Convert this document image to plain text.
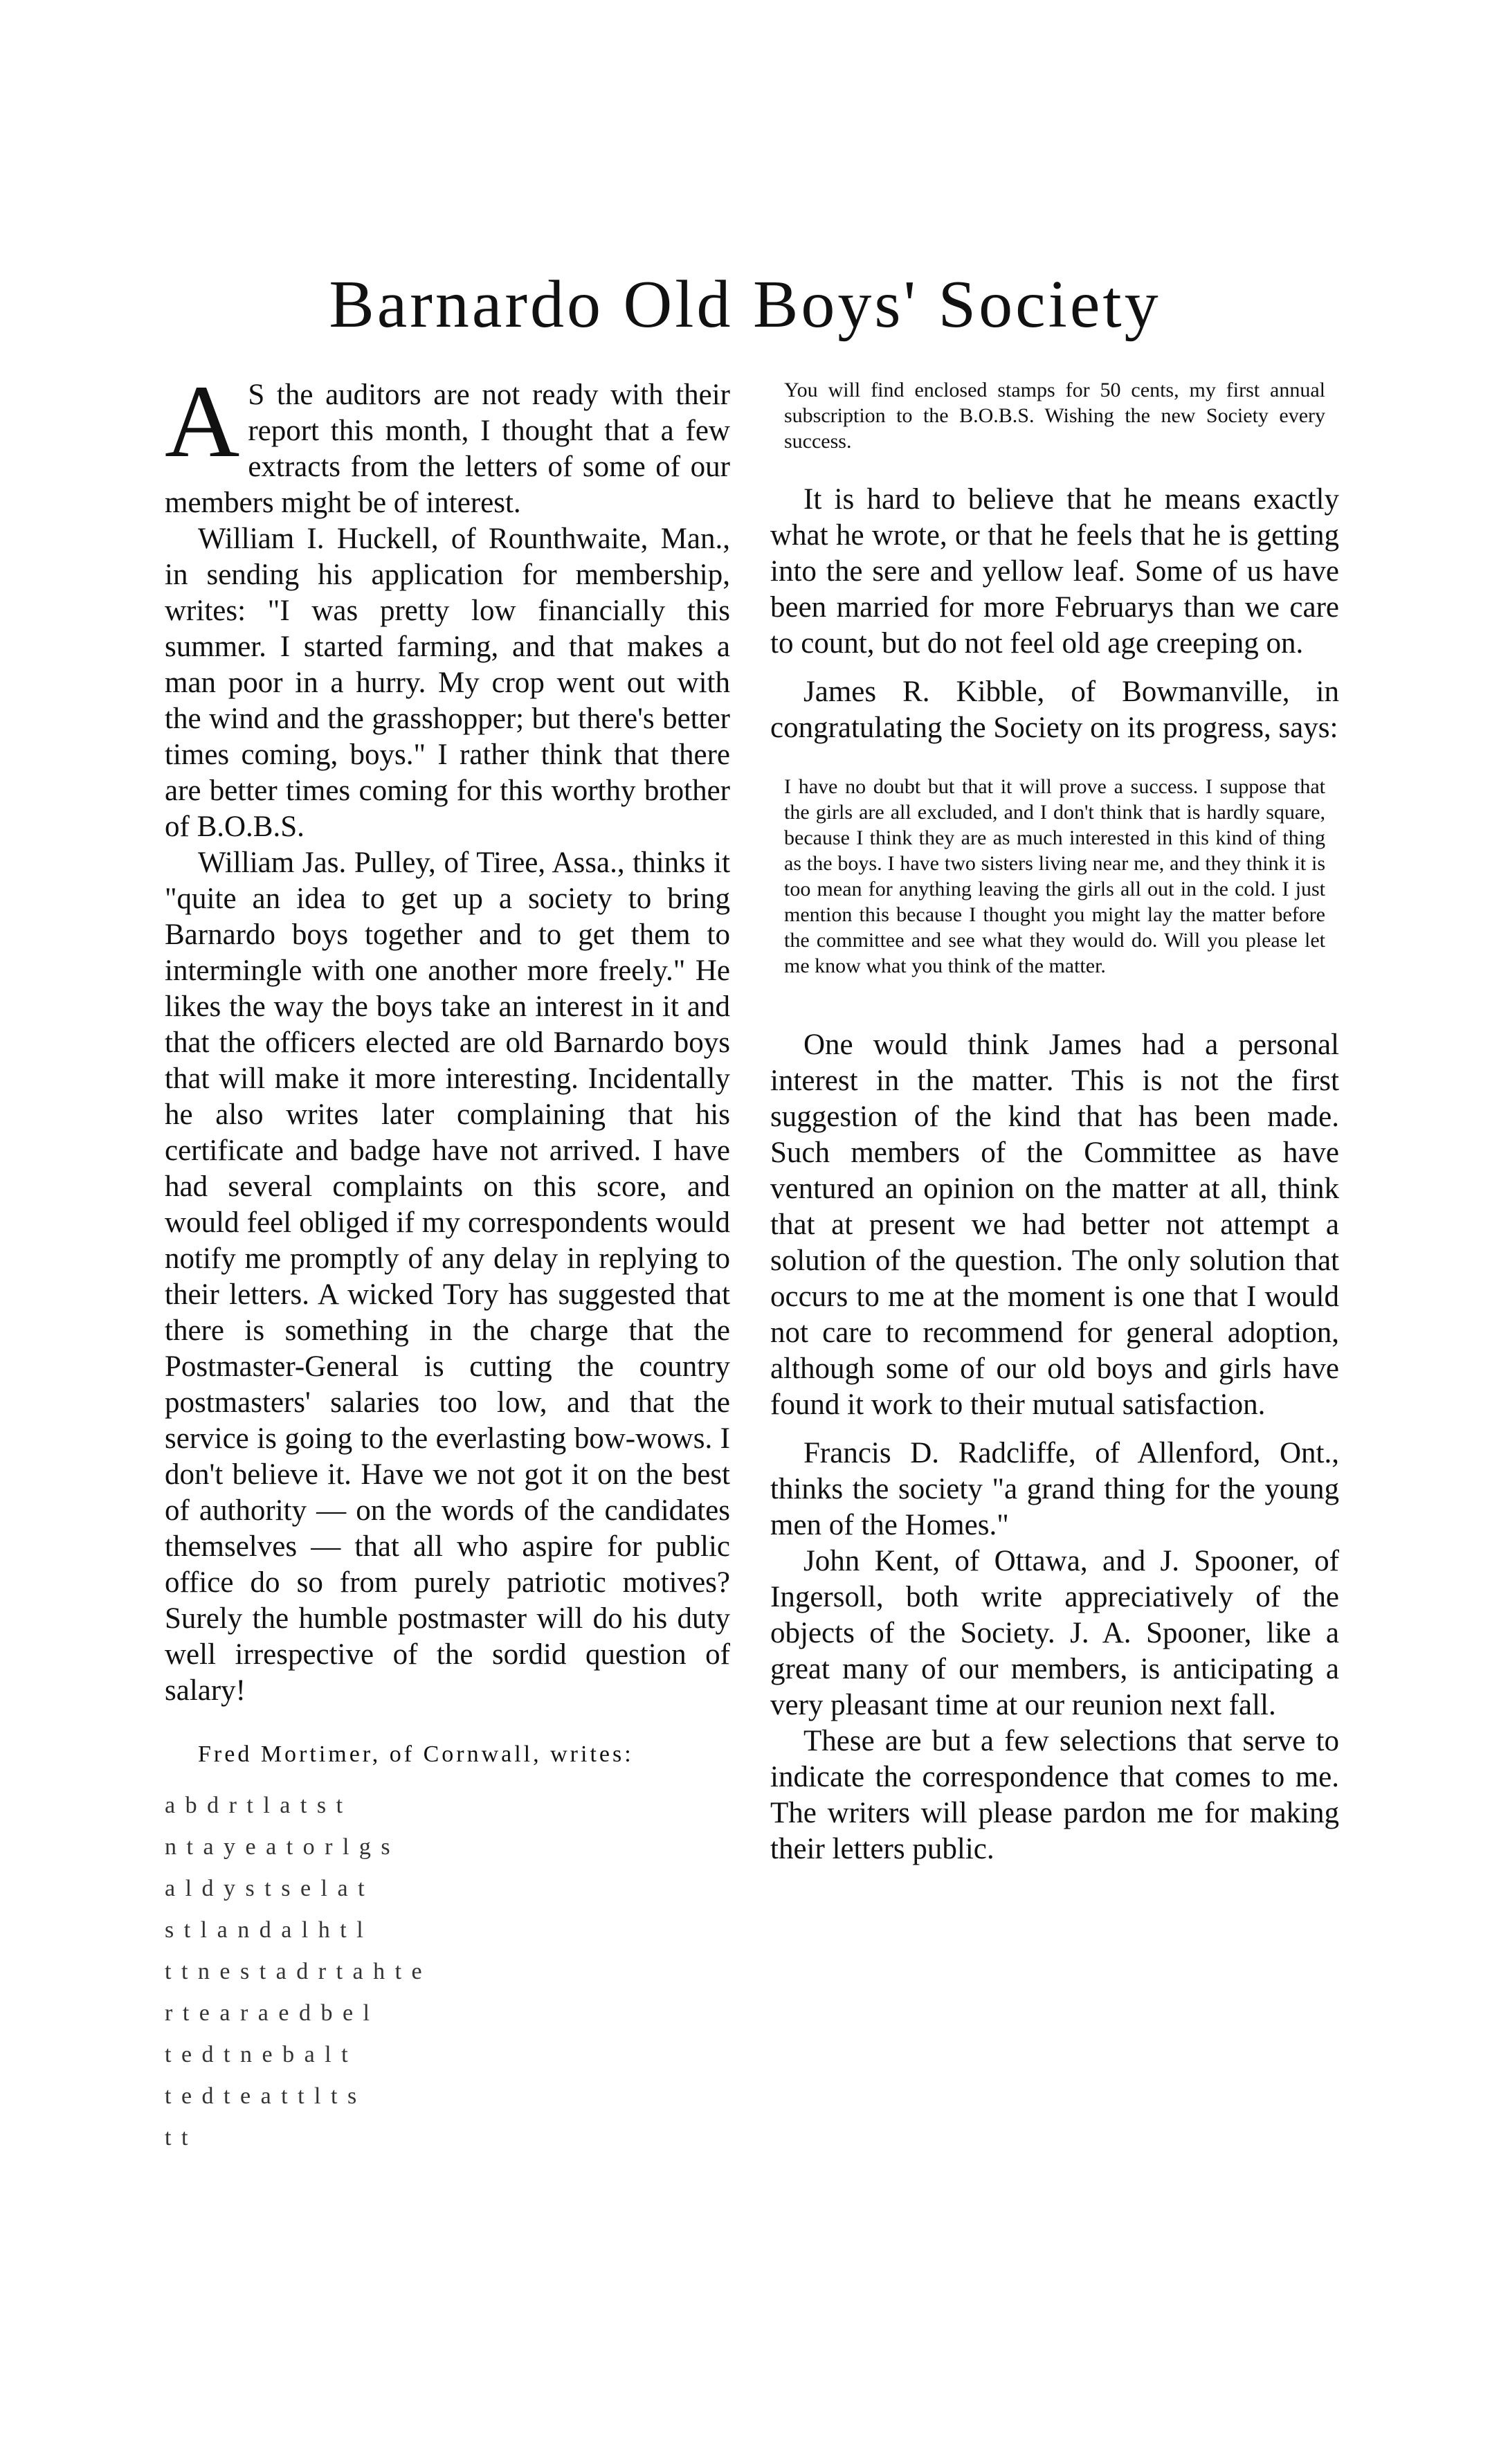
Barnardo Old Boys' Society

A S the auditors are not ready with their report this month, I thought that a few extracts from the letters of some of our members might be of interest.

William I. Huckell, of Rounthwaite, Man., in sending his application for membership, writes: "I was pretty low financially this summer. I started farming, and that makes a man poor in a hurry. My crop went out with the wind and the grasshopper; but there's better times coming, boys." I rather think that there are better times coming for this worthy brother of B.O.B.S.

William Jas. Pulley, of Tiree, Assa., thinks it "quite an idea to get up a society to bring Barnardo boys together and to get them to intermingle with one another more freely." He likes the way the boys take an interest in it and that the officers elected are old Barnardo boys that will make it more interesting. Incidentally he also writes later complaining that his certificate and badge have not arrived. I have had several complaints on this score, and would feel obliged if my correspondents would notify me promptly of any delay in replying to their letters. A wicked Tory has suggested that there is something in the charge that the Postmaster-General is cutting the country postmasters' salaries too low, and that the service is going to the everlasting bow-wows. I don't believe it. Have we not got it on the best of authority — on the words of the candidates themselves — that all who aspire for public office do so from purely patriotic motives? Surely the humble postmaster will do his duty well irrespective of the sordid question of salary!

Fred Mortimer, of Cornwall, writes:

a b d r t l a t s t

n t a y e a t o r l g s

a l d y s t s e l a t

s t l a n d a l h t l

t t n e s t a d r t a h t e

r t e a r a e d b e l

t e d t n e b a l t

t e d t e a t t l t s

t t

You will find enclosed stamps for 50 cents, my first annual subscription to the B.O.B.S. Wishing the new Society every success.

It is hard to believe that he means exactly what he wrote, or that he feels that he is getting into the sere and yellow leaf. Some of us have been married for more Februarys than we care to count, but do not feel old age creeping on.

James R. Kibble, of Bowmanville, in congratulating the Society on its progress, says:

I have no doubt but that it will prove a success. I suppose that the girls are all excluded, and I don't think that is hardly square, because I think they are as much interested in this kind of thing as the boys. I have two sisters living near me, and they think it is too mean for anything leaving the girls all out in the cold. I just mention this because I thought you might lay the matter before the committee and see what they would do. Will you please let me know what you think of the matter.

One would think James had a personal interest in the matter. This is not the first suggestion of the kind that has been made. Such members of the Committee as have ventured an opinion on the matter at all, think that at present we had better not attempt a solution of the question. The only solution that occurs to me at the moment is one that I would not care to recommend for general adoption, although some of our old boys and girls have found it work to their mutual satisfaction.

Francis D. Radcliffe, of Allenford, Ont., thinks the society "a grand thing for the young men of the Homes."

John Kent, of Ottawa, and J. Spooner, of Ingersoll, both write appreciatively of the objects of the Society. J. A. Spooner, like a great many of our members, is anticipating a very pleasant time at our reunion next fall.

These are but a few selections that serve to indicate the correspondence that comes to me. The writers will please pardon me for making their letters public.
